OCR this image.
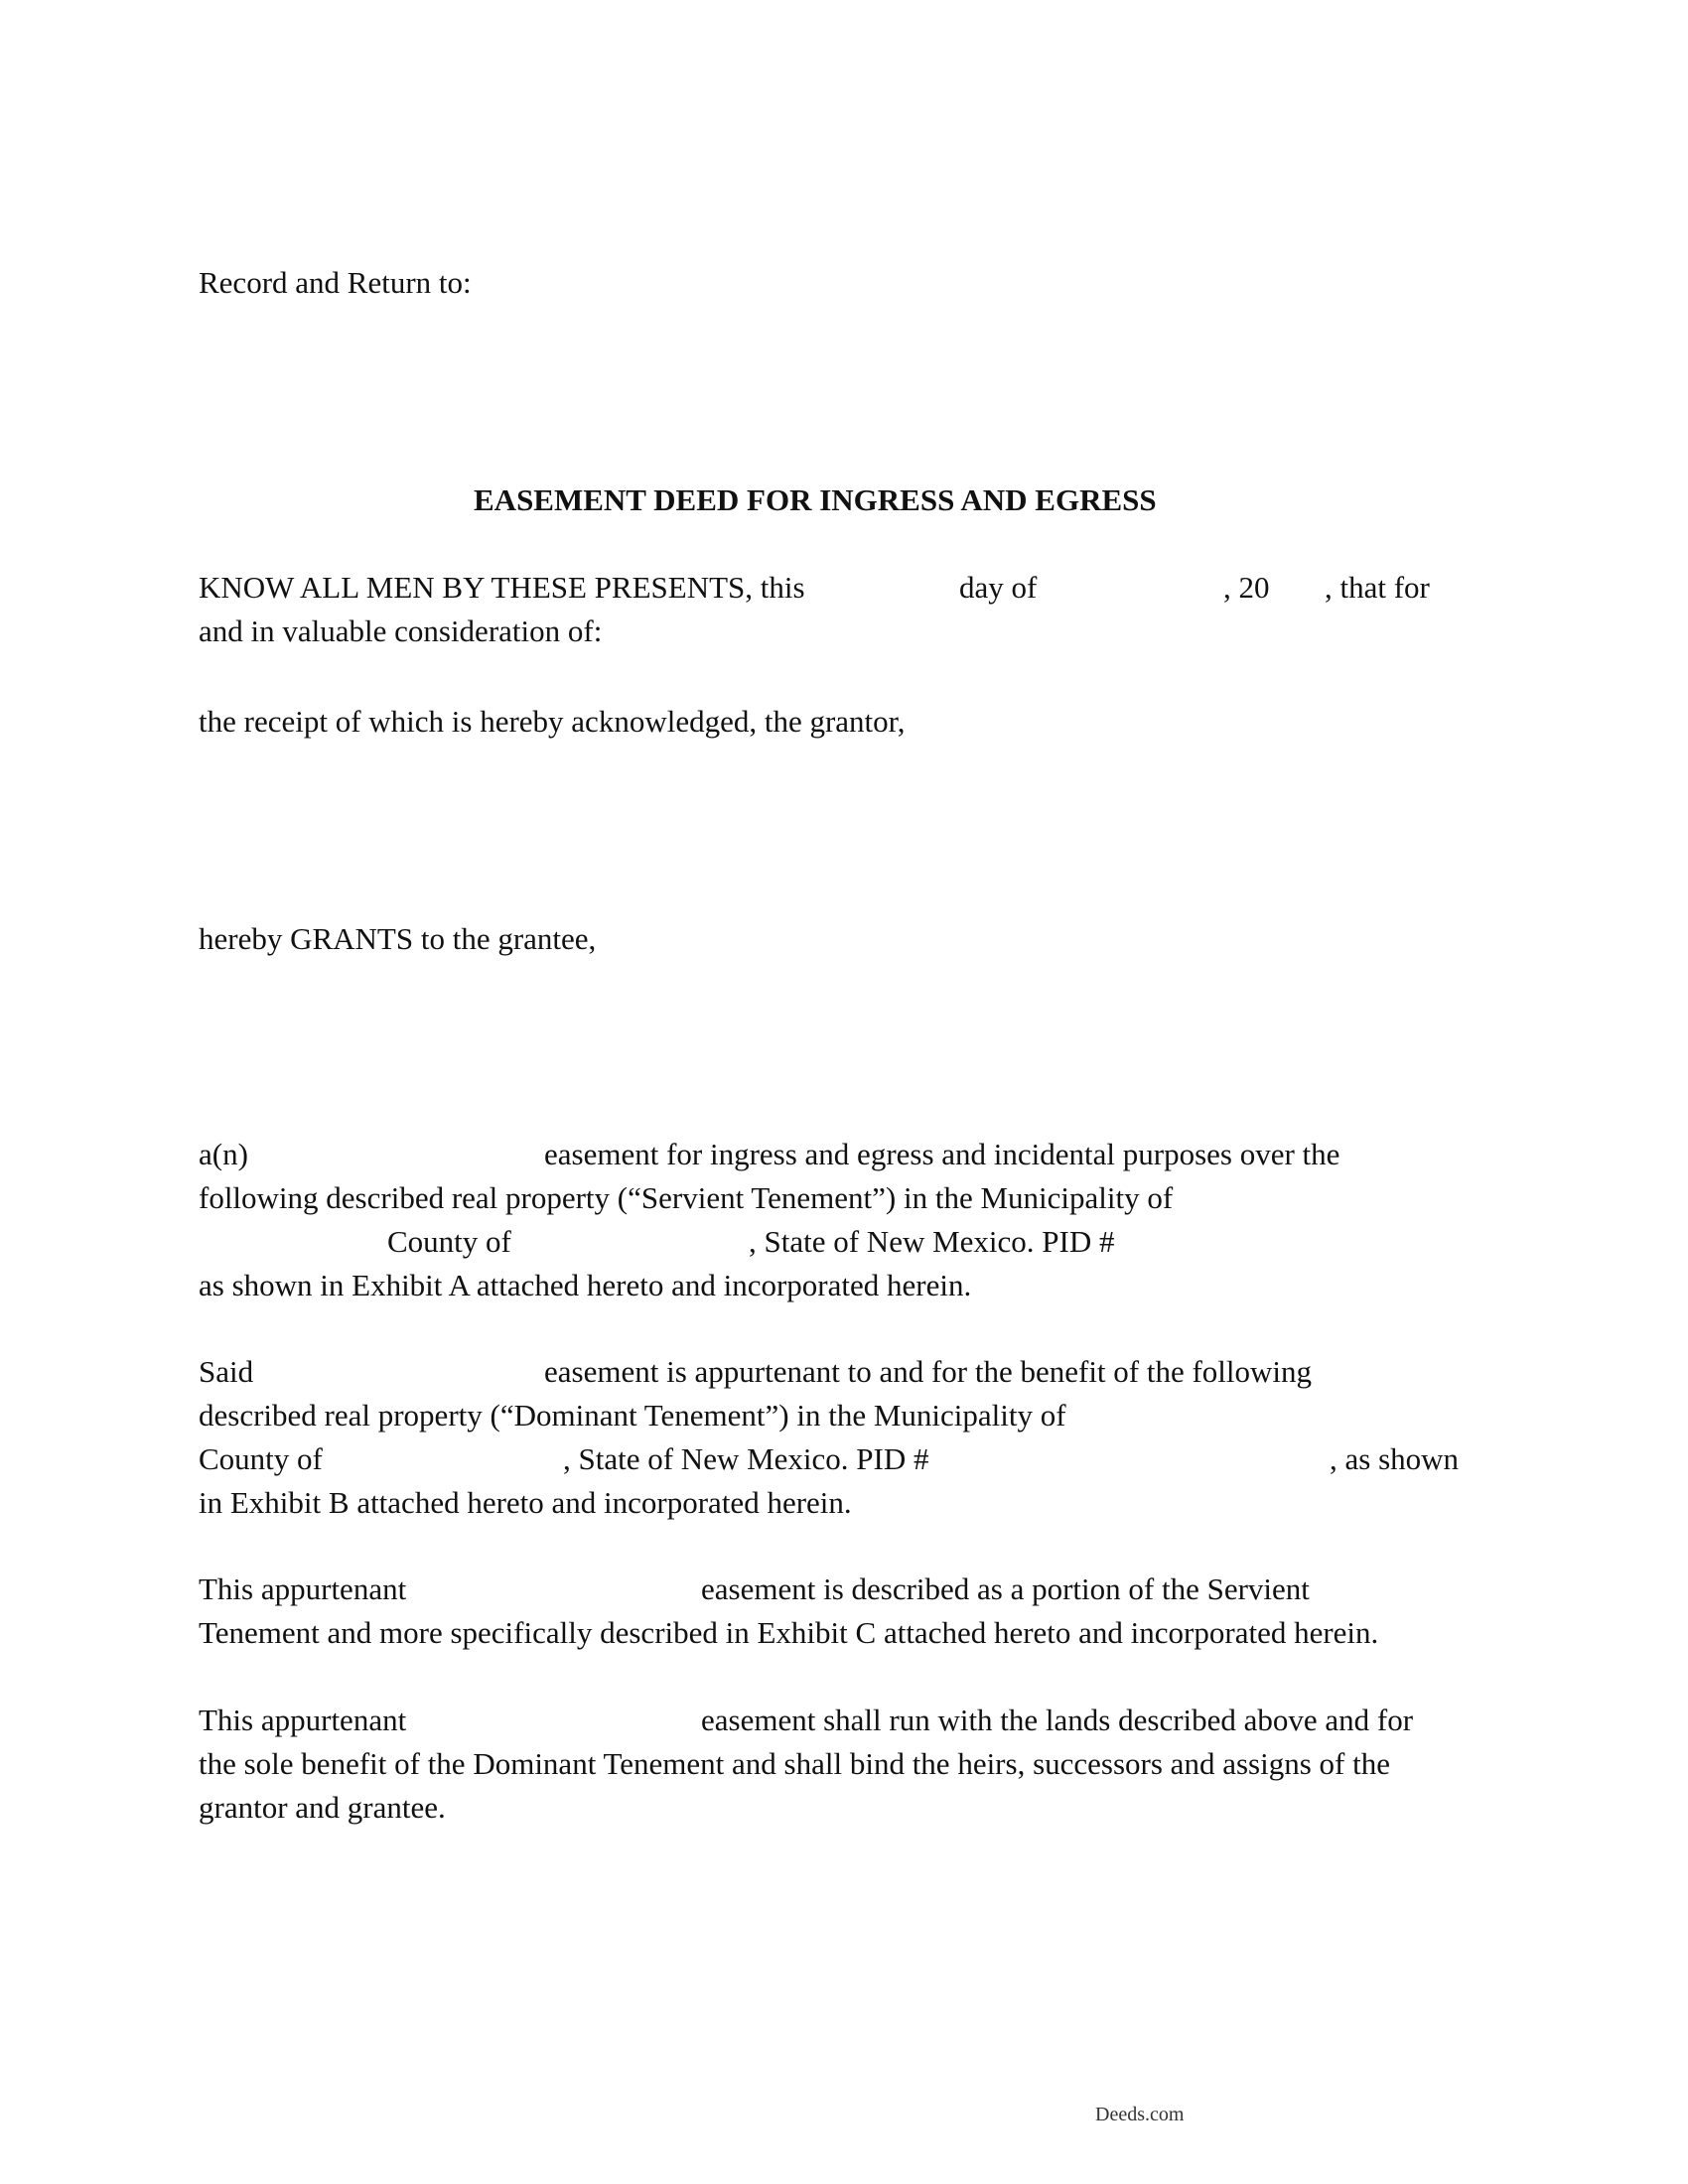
Record and Return to:

EASEMENT DEED FOR INGRESS AND EGRESS

KNOW ALL MEN BY THESE PRESENTS, this	day of	, 20 , that for
and in valuable consideration of:
the receipt of which is hereby acknowledged, the grantor,
hereby GRANTS to the grantee,
a(n)	easement for ingress and egress and incidental purposes over the
following described real property (“Servient Tenement”) in the Municipality of
County of	, State of New Mexico. PID #
as shown in Exhibit A attached hereto and incorporated herein.
Said	easement is appurtenant to and for the benefit of the following
described real property (“Dominant Tenement”) in the Municipality of
County of	, State of New Mexico. PID #	, as shown
in Exhibit B attached hereto and incorporated herein.
This appurtenant	easement is described as a portion of the Servient
Tenement and more specifically described in Exhibit C attached hereto and incorporated herein.
This appurtenant	easement shall run with the lands described above and for
the sole benefit of the Dominant Tenement and shall bind the heirs, successors and assigns of the
grantor and grantee.
Deeds.com
